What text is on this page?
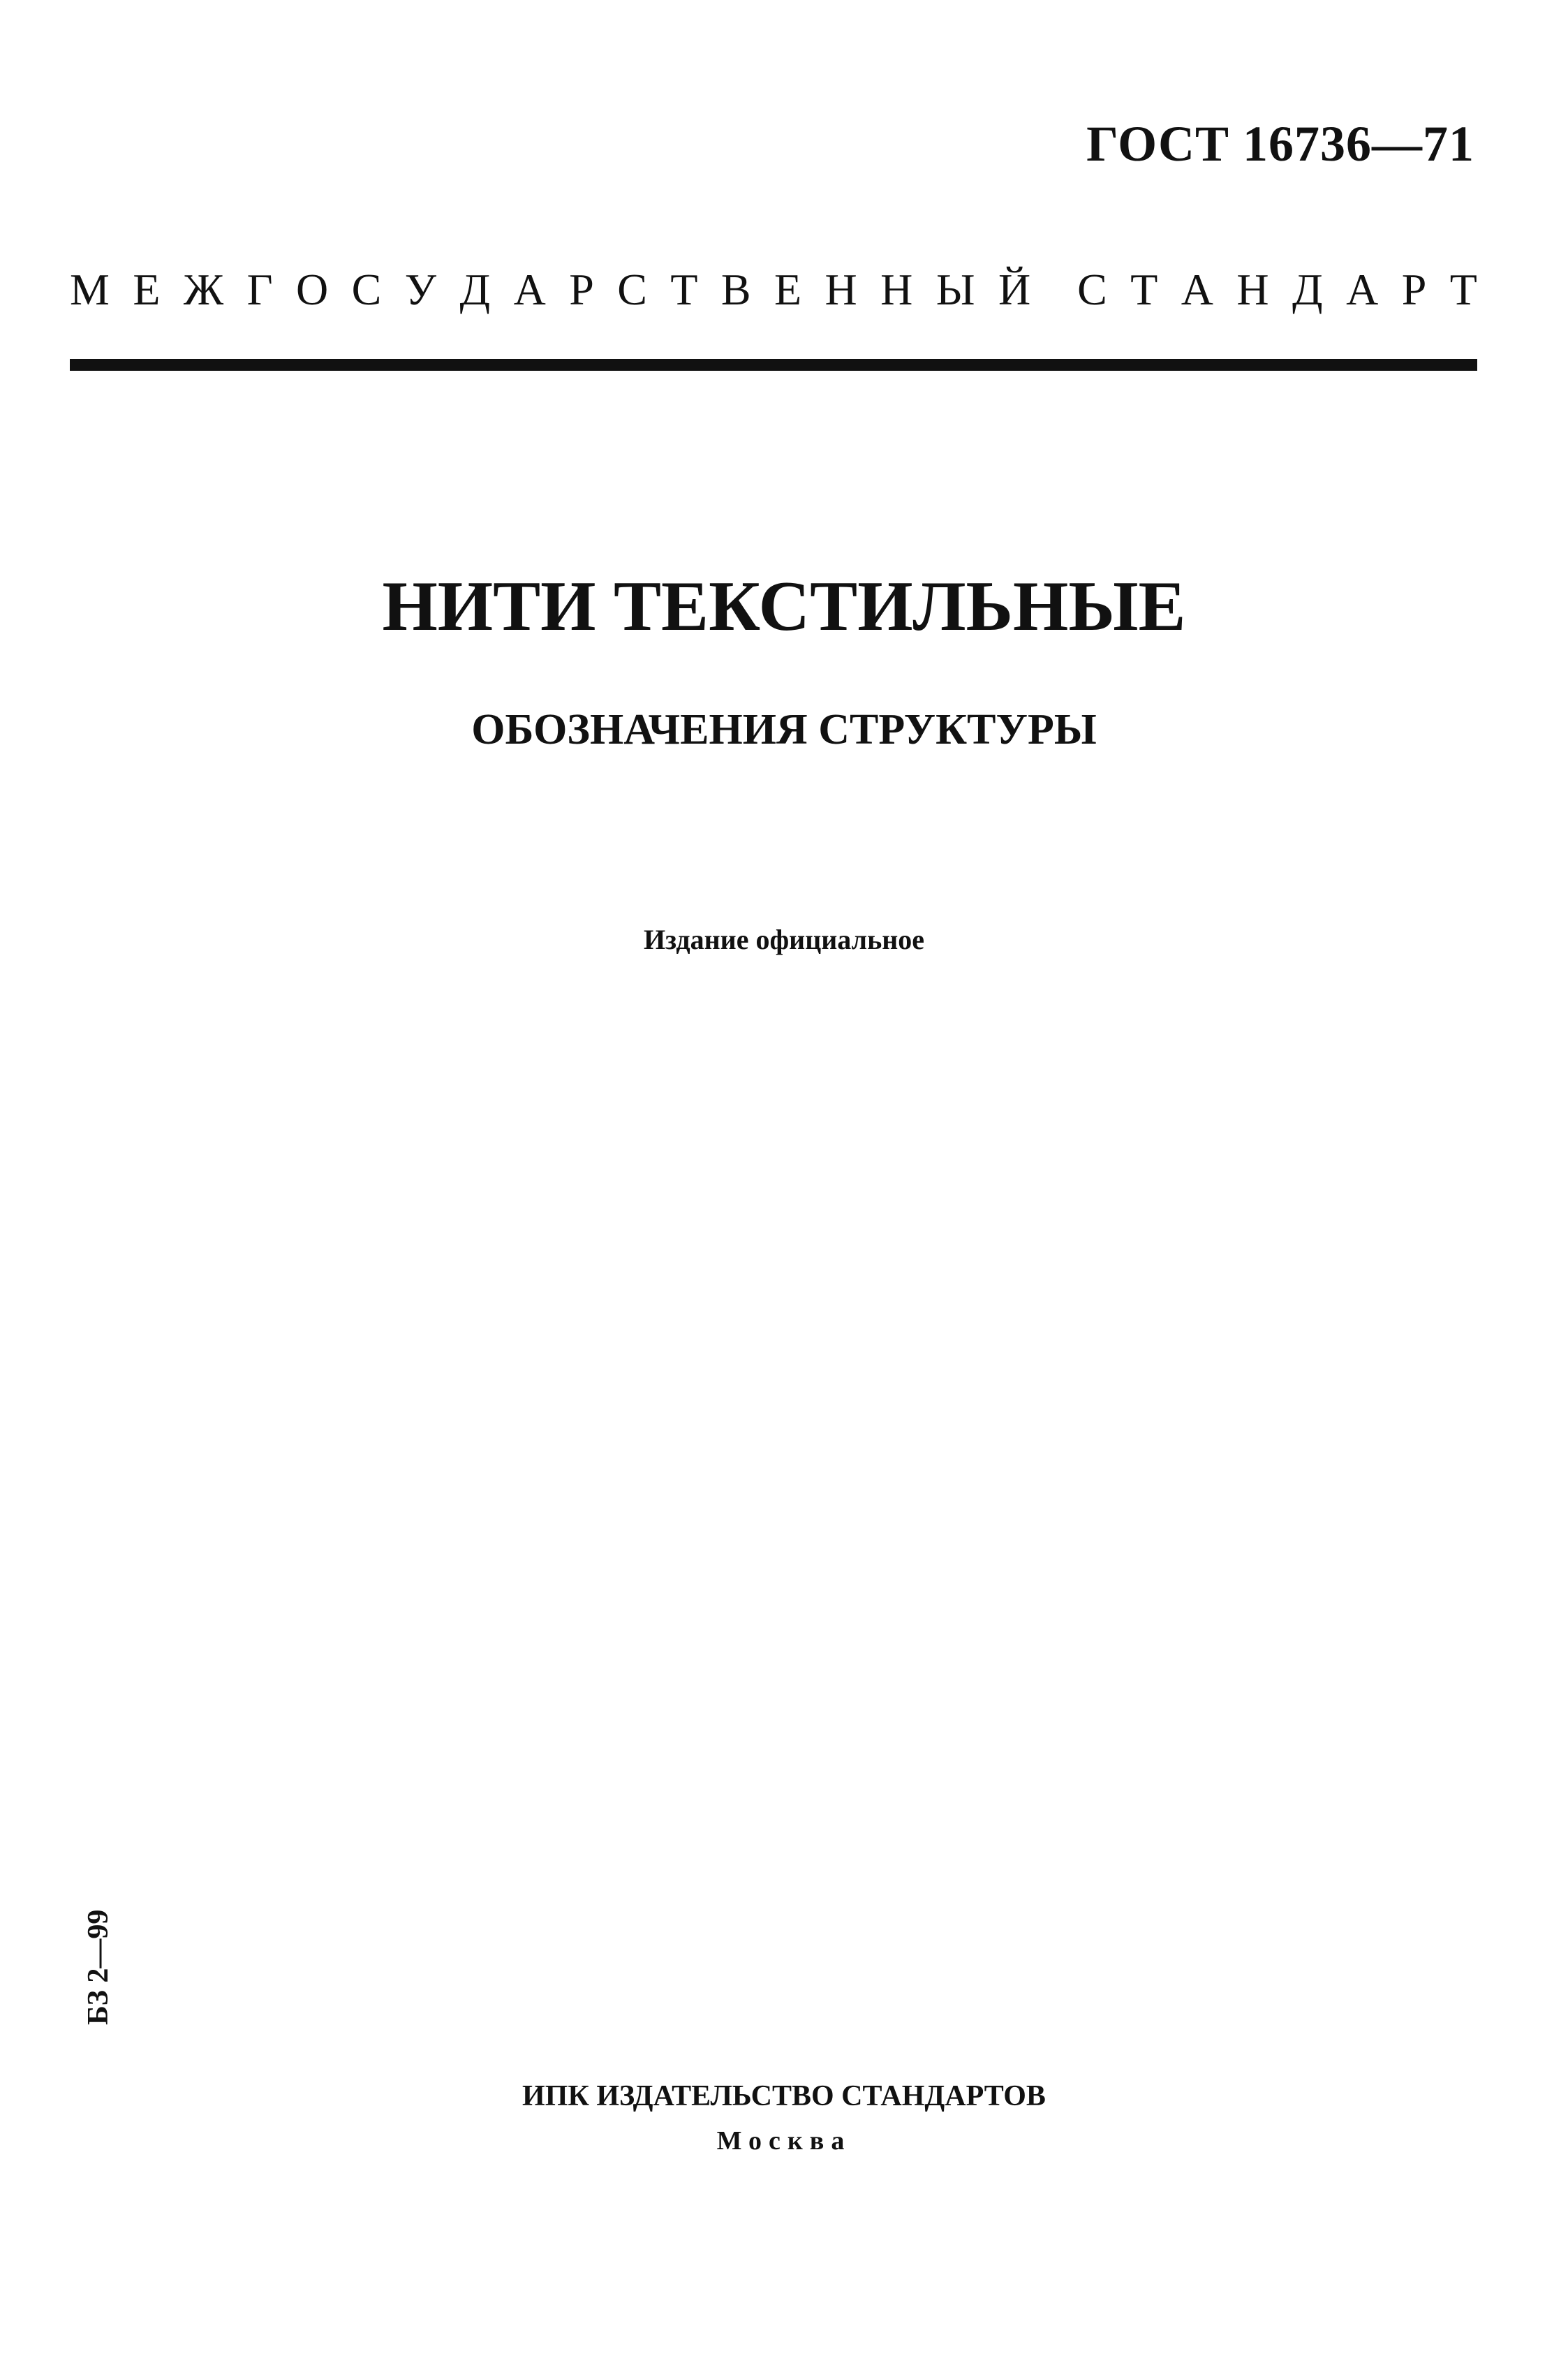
ГОСТ 16736—71
М Е Ж Г О С У Д А Р С Т В Е Н Н Ы Й С Т А Н Д А Р Т
НИТИ ТЕКСТИЛЬНЫЕ
ОБОЗНАЧЕНИЯ СТРУКТУРЫ
Издание официальное
БЗ 2—99
ИПК ИЗДАТЕЛЬСТВО СТАНДАРТОВ
Москва
